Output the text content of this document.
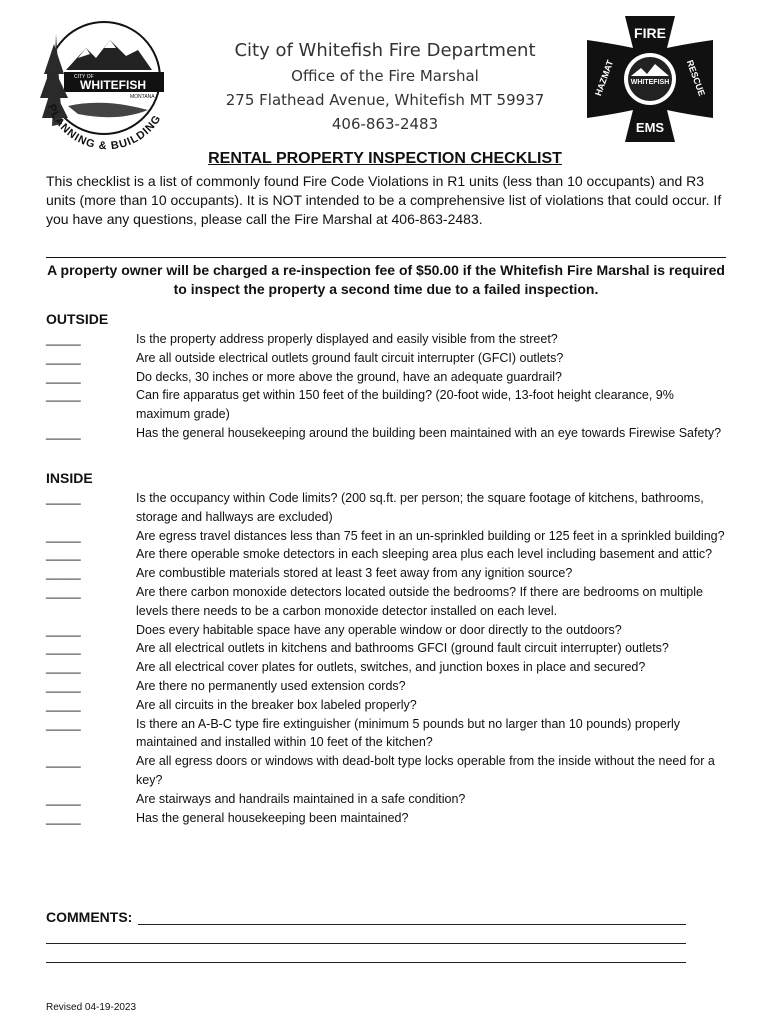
CITY OF
WHITEFISH
MONTANA
PLANNING & BUILDING
City of Whitefish Fire Department
Office of the Fire Marshal
275 Flathead Avenue, Whitefish MT 59937
406-863-2483
WHITEFISH
FIRE
EMS
HAZMAT	RESCUE
RENTAL PROPERTY INSPECTION CHECKLIST
This checklist is a list of commonly found Fire Code Violations in R1 units (less than 10 occupants) and R3 units (more than 10 occupants). It is NOT intended to be a comprehensive list of violations that could occur. If you have any questions, please call the Fire Marshal at 406-863-2483.
A property owner will be charged a re-inspection fee of $50.00 if the Whitefish Fire Marshal is required to inspect the property a second time due to a failed inspection.
OUTSIDE
_____	Is the property address properly displayed and easily visible from the street?
_____	Are all outside electrical outlets ground fault circuit interrupter (GFCI) outlets?
_____	Do decks, 30 inches or more above the ground, have an adequate guardrail?
_____	Can fire apparatus get within 150 feet of the building? (20-foot wide, 13-foot height clearance, 9% maximum grade)
_____	Has the general housekeeping around the building been maintained with an eye towards Firewise Safety?
INSIDE
_____	Is the occupancy within Code limits? (200 sq.ft. per person; the square footage of kitchens, bathrooms, storage and hallways are excluded)
_____	Are egress travel distances less than 75 feet in an un-sprinkled building or 125 feet in a sprinkled building?
_____	Are there operable smoke detectors in each sleeping area plus each level including basement and attic?
_____	Are combustible materials stored at least 3 feet away from any ignition source?
_____	Are there carbon monoxide detectors located outside the bedrooms? If there are bedrooms on multiple levels there needs to be a carbon monoxide detector installed on each level.
_____	Does every habitable space have any operable window or door directly to the outdoors?
_____	Are all electrical outlets in kitchens and bathrooms GFCI (ground fault circuit interrupter) outlets?
_____	Are all electrical cover plates for outlets, switches, and junction boxes in place and secured?
_____	Are there no permanently used extension cords?
_____	Are all circuits in the breaker box labeled properly?
_____	Is there an A-B-C type fire extinguisher (minimum 5 pounds but no larger than 10 pounds) properly maintained and installed within 10 feet of the kitchen?
_____	Are all egress doors or windows with dead-bolt type locks operable from the inside without the need for a key?
_____	Are stairways and handrails maintained in a safe condition?
_____	Has the general housekeeping been maintained?
COMMENTS:
Revised 04-19-2023
